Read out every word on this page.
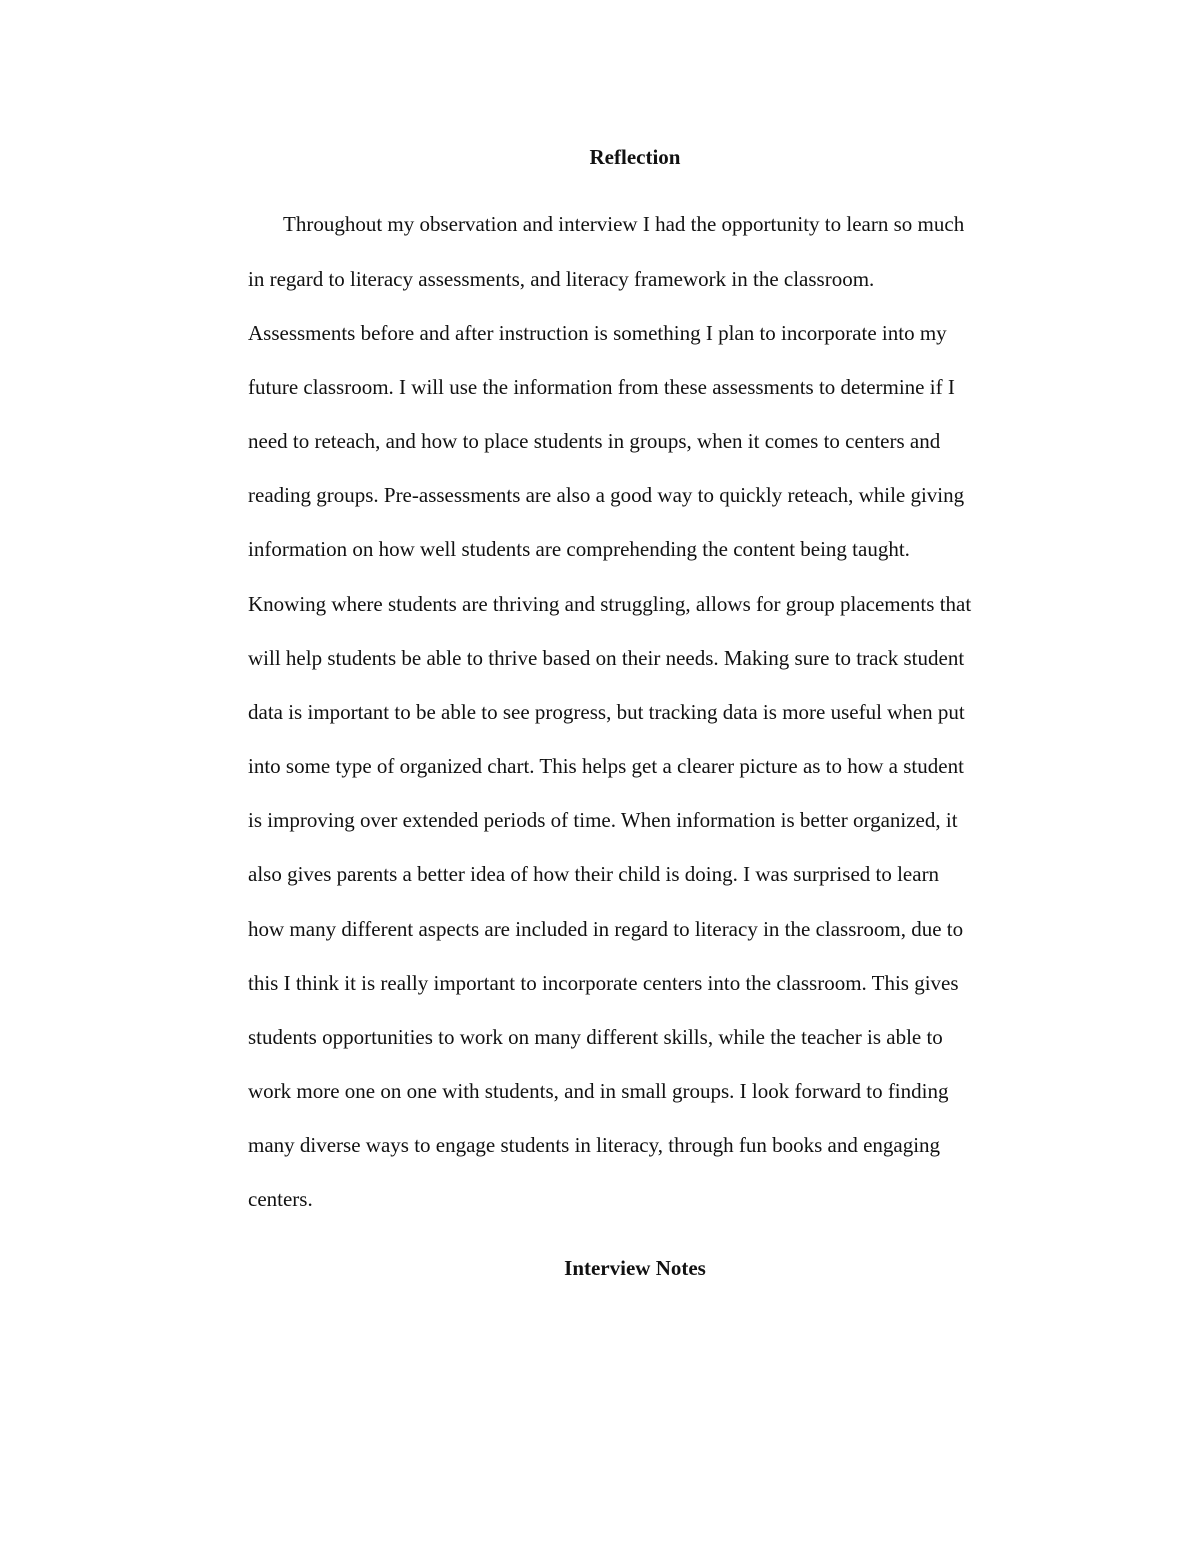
Reflection
Throughout my observation and interview I had the opportunity to learn so much
in regard to literacy assessments, and literacy framework in the classroom.
Assessments before and after instruction is something I plan to incorporate into my
future classroom. I will use the information from these assessments to determine if I
need to reteach, and how to place students in groups, when it comes to centers and
reading groups. Pre-assessments are also a good way to quickly reteach, while giving
information on how well students are comprehending the content being taught.
Knowing where students are thriving and struggling, allows for group placements that
will help students be able to thrive based on their needs. Making sure to track student
data is important to be able to see progress, but tracking data is more useful when put
into some type of organized chart. This helps get a clearer picture as to how a student
is improving over extended periods of time. When information is better organized, it
also gives parents a better idea of how their child is doing. I was surprised to learn
how many different aspects are included in regard to literacy in the classroom, due to
this I think it is really important to incorporate centers into the classroom. This gives
students opportunities to work on many different skills, while the teacher is able to
work more one on one with students, and in small groups. I look forward to finding
many diverse ways to engage students in literacy, through fun books and engaging
centers.
Interview Notes
